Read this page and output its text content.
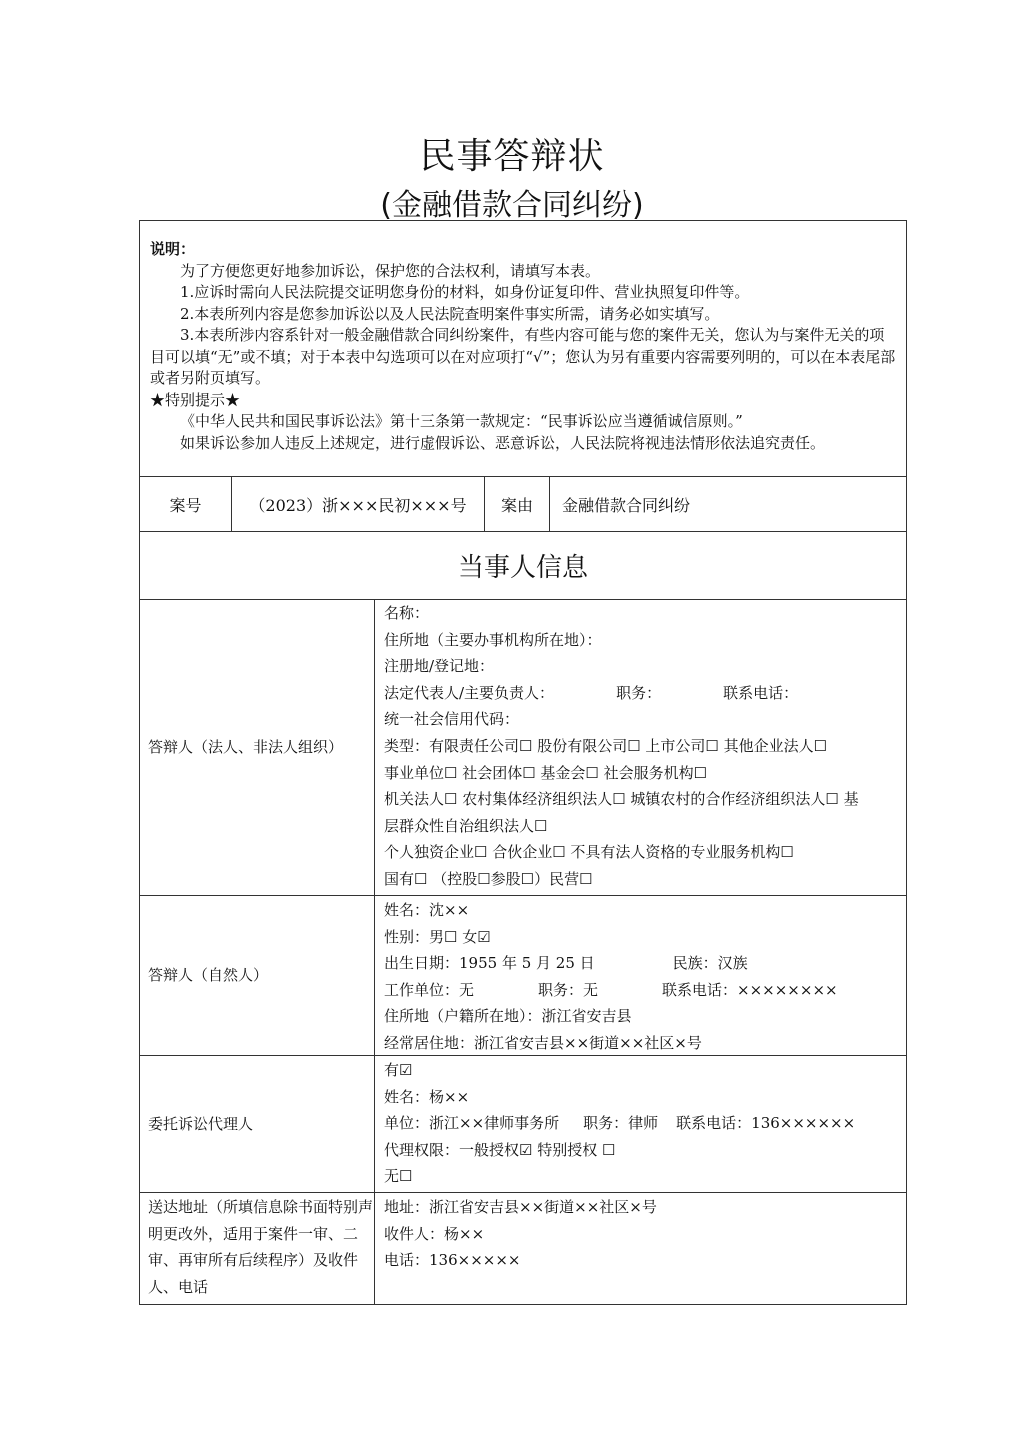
民事答辩状
(金融借款合同纠纷)

说明：

为了方便您更好地参加诉讼，保护您的合法权利，请填写本表。

1.应诉时需向人民法院提交证明您身份的材料，如身份证复印件、营业执照复印件等。

2.本表所列内容是您参加诉讼以及人民法院查明案件事实所需，请务必如实填写。

3.本表所涉内容系针对一般金融借款合同纠纷案件，有些内容可能与您的案件无关，您认为与案件无关的项目可以填“无”或不填；对于本表中勾选项可以在对应项打“√”；您认为另有重要内容需要列明的，可以在本表尾部或者另附页填写。

★特别提示★

《中华人民共和国民事诉讼法》第十三条第一款规定：“民事诉讼应当遵循诚信原则。”

如果诉讼参加人违反上述规定，进行虚假诉讼、恶意诉讼，人民法院将视违法情形依法追究责任。

案号	（2023）浙×××民初×××号	案由	金融借款合同纠纷
当事人信息
答辩人（法人、非法人组织）
名称：
住所地（主要办事机构所在地）：
注册地/登记地：
法定代表人/主要负责人：	职务：	联系电话：
统一社会信用代码：
类型：有限责任公司☐ 股份有限公司☐ 上市公司☐ 其他企业法人☐
事业单位☐ 社会团体☐ 基金会☐ 社会服务机构☐
机关法人☐ 农村集体经济组织法人☐ 城镇农村的合作经济组织法人☐ 基
层群众性自治组织法人☐
个人独资企业☐ 合伙企业☐ 不具有法人资格的专业服务机构☐
国有☐ （控股☐参股☐）民营☐
答辩人（自然人）
姓名：沈××
性别：男☐ 女☑
出生日期：1955 年 5 月 25 日	民族：汉族
工作单位：无	职务：无	联系电话：××××××××
住所地（户籍所在地）：浙江省安吉县
经常居住地：浙江省安吉县××街道××社区×号
委托诉讼代理人
有☑
姓名：杨××
单位：浙江××律师事务所 职务：律师 联系电话：136××××××
代理权限：一般授权☑ 特别授权 ☐
无☐
送达地址（所填信息除书面特别声明更改外，适用于案件一审、二审、再审所有后续程序）及收件人、电话
地址：浙江省安吉县××街道××社区×号
收件人：杨××
电话：136×××××
